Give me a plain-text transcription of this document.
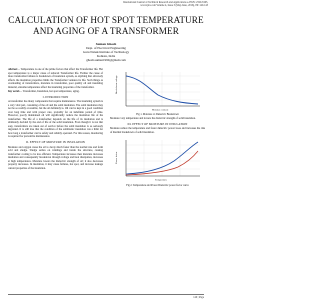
International Journal of Technical Research and Applications e-ISSN: 2320-8163,
www.ijtra.com Volume 4, Issue 3 (May-June, 2016), PP. 140-143
CALCULATION OF HOT SPOT TEMPERATURE
AND AGING OF A TRANSFORMER
Suman Ghosh
Dept. of Electrical Engineering
Guru Nanak Institute of Technology
Kolkata, India
ghosh.suman1990@gmail.com

Abstract— Temperature is one of the prime factors that affect the Transformer life. Hot spot temperature is a major cause of reduced Transformer life. Further the cause of more transformer failures is breakdown of insulation system, as anything that adversely affects the insulation properties limits the Transformer ventures its life. Such things as overloading of transformers, moisture in transformer, poor quality oil and insulating material, extreme temperature affect the insulating properties of the transformer.

Key words— Transformer, Insulation, hot spot temperature, aging.

I. INTRODUCTION

A transformer has many components that require maintenance. The insulating system is a very vital part, consisting of the oil and the solid insulation. The solid insulation may not be so readily accessible, but the oil definitely is. Oil can be kept in a good condition over long time and with proper care, probably for an indefinite period of time. However, poorly maintained oil will significantly reduce the insulation life of the transformer. The life of a transformer depends on the life of its insulation and is ultimately decided by the end of life of the solid insulation. Even though it is not that easy, transformers are taken out of service before the solid insulation is so seriously degraded. It is still true that the condition of the solidtionic insulation can a limit for how long a transformer can be safely and reliably operated. For this reason, monitoring is required for preventive maintenance.

II. EFFECT OF MOISTURE IN INSULATION

Moisture and oxygen cause the oil to decay much faster than the normal rate and form acid and sludge. Sludge settles on windings and inside the structure, causing transformer cooling to be less efficient. Temperature increases then moisture increases insulation and consequently breakdown through voltage and heat dissipation, increases at high temperatures. Moisture lowers the dielectric strength of oil; it also decreases property decreases. In insulation, it may cause failures, hot spot, and increase leakage current properties of the insulation.

Breakdown voltage
Moisture content
Fig 1. Moisture vs Dielectric Breakdown

Moisture vary temperature and lowers the dielectric strength of solid insulation.

III. EFFECT OF MOISTURE IN INSULATION

Moisture reduce the temperature and faster dielectric power loses and increases the risk of thermal breakdown of solid insulation.

Power factor
Temperature
Fig 2. Temperature and Power Dielectric power factor curve
140 | Page
